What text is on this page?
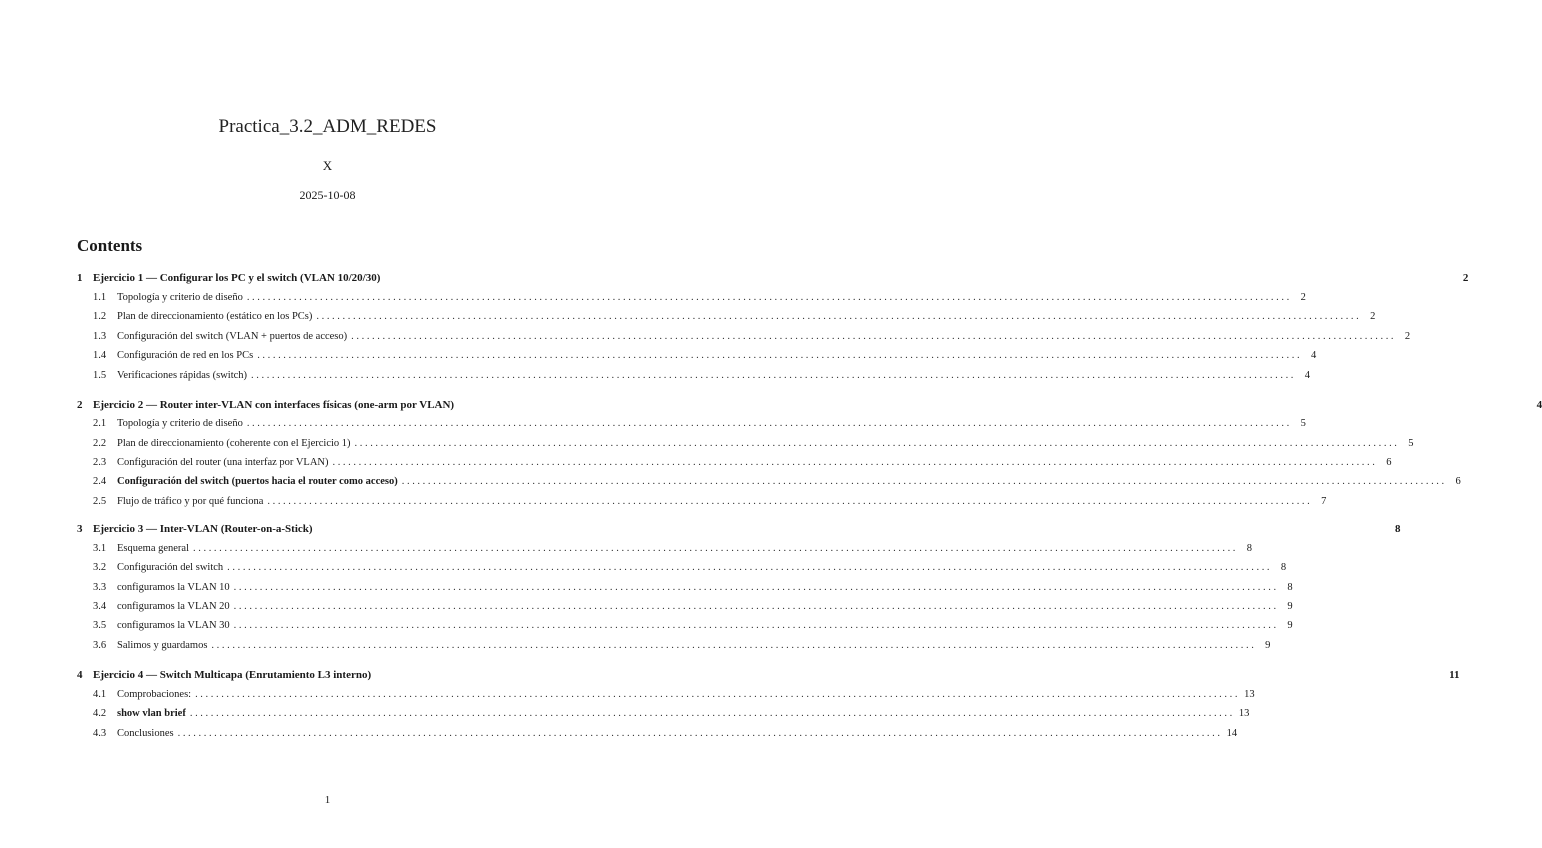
Practica_3.2_ADM_REDES
X
2025-10-08
Contents
1 Ejercicio 1 — Configurar los PC y el switch (VLAN 10/20/30)	2
1.1	Topología y criterio de diseño ........................................................................................................................................................................................................ 2
1.2	Plan de direccionamiento (estático en los PCs) ........................................................................................................................................................................................................ 2
1.3	Configuración del switch (VLAN + puertos de acceso) ........................................................................................................................................................................................................ 2
1.4	Configuración de red en los PCs ........................................................................................................................................................................................................ 4
1.5	Verificaciones rápidas (switch) ........................................................................................................................................................................................................ 4
2 Ejercicio 2 — Router inter-VLAN con interfaces físicas (one-arm por VLAN)	4
2.1	Topología y criterio de diseño ........................................................................................................................................................................................................ 5
2.2	Plan de direccionamiento (coherente con el Ejercicio 1) ........................................................................................................................................................................................................ 5
2.3	Configuración del router (una interfaz por VLAN) ........................................................................................................................................................................................................ 6
2.4	Configuración del switch (puertos hacia el router como acceso) ........................................................................................................................................................................................................ 6
2.5	Flujo de tráfico y por qué funciona ........................................................................................................................................................................................................ 7
3 Ejercicio 3 — Inter-VLAN (Router-on-a-Stick)	8
3.1	Esquema general ........................................................................................................................................................................................................ 8
3.2	Configuración del switch ........................................................................................................................................................................................................ 8
3.3	configuramos la VLAN 10 ........................................................................................................................................................................................................ 8
3.4	configuramos la VLAN 20 ........................................................................................................................................................................................................ 9
3.5	configuramos la VLAN 30 ........................................................................................................................................................................................................ 9
3.6	Salimos y guardamos ........................................................................................................................................................................................................ 9
4 Ejercicio 4 — Switch Multicapa (Enrutamiento L3 interno)	11
4.1	Comprobaciones: ........................................................................................................................................................................................................ 13
4.2	show vlan brief ........................................................................................................................................................................................................ 13
4.3	Conclusiones ........................................................................................................................................................................................................ 14
1
